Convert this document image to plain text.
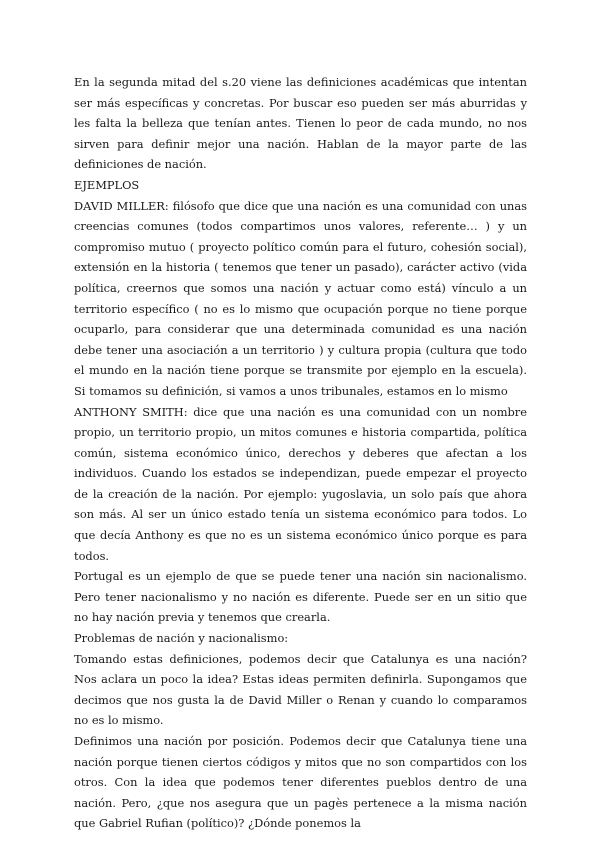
En la segunda mitad del s.20 viene las definiciones académicas que intentan ser más específicas y concretas. Por buscar eso pueden ser más aburridas y les falta la belleza que tenían antes. Tienen lo peor de cada mundo, no nos sirven para definir mejor una nación. Hablan de la mayor parte de las definiciones de nación.

EJEMPLOS

DAVID MILLER: filósofo que dice que una nación es una comunidad con unas creencias comunes (todos compartimos unos valores, referente… ) y un compromiso mutuo ( proyecto político común para el futuro, cohesión social), extensión en la historia ( tenemos que tener un pasado), carácter activo (vida política, creernos que somos una nación y actuar como está) vínculo a un territorio específico ( no es lo mismo que ocupación porque no tiene porque ocuparlo, para considerar que una determinada comunidad es una nación debe tener una asociación a un territorio ) y cultura propia (cultura que todo el mundo en la nación tiene porque se transmite por ejemplo en la escuela). Si tomamos su definición, si vamos a unos tribunales, estamos en lo mismo

ANTHONY SMITH: dice que una nación es una comunidad con un nombre propio, un territorio propio, un mitos comunes e historia compartida, política común, sistema económico único, derechos y deberes que afectan a los individuos. Cuando los estados se independizan, puede empezar el proyecto de la creación de la nación. Por ejemplo: yugoslavia, un solo país que ahora son más. Al ser un único estado tenía un sistema económico para todos. Lo que decía Anthony es que no es un sistema económico único porque es para todos.

Portugal es un ejemplo de que se puede tener una nación sin nacionalismo. Pero tener nacionalismo y no nación es diferente. Puede ser en un sitio que no hay nación previa y tenemos que crearla.

Problemas de nación y nacionalismo:

Tomando estas definiciones, podemos decir que Catalunya es una nación? Nos aclara un poco la idea? Estas ideas permiten definirla. Supongamos que decimos que nos gusta la de David Miller o Renan y cuando lo comparamos no es lo mismo.

Definimos una nación por posición. Podemos decir que Catalunya tiene una nación porque tienen ciertos códigos y mitos que no son compartidos con los otros. Con la idea que podemos tener diferentes pueblos dentro de una nación. Pero, ¿que nos asegura que un pagès pertenece a la misma nación que Gabriel Rufian (político)? ¿Dónde ponemos la
